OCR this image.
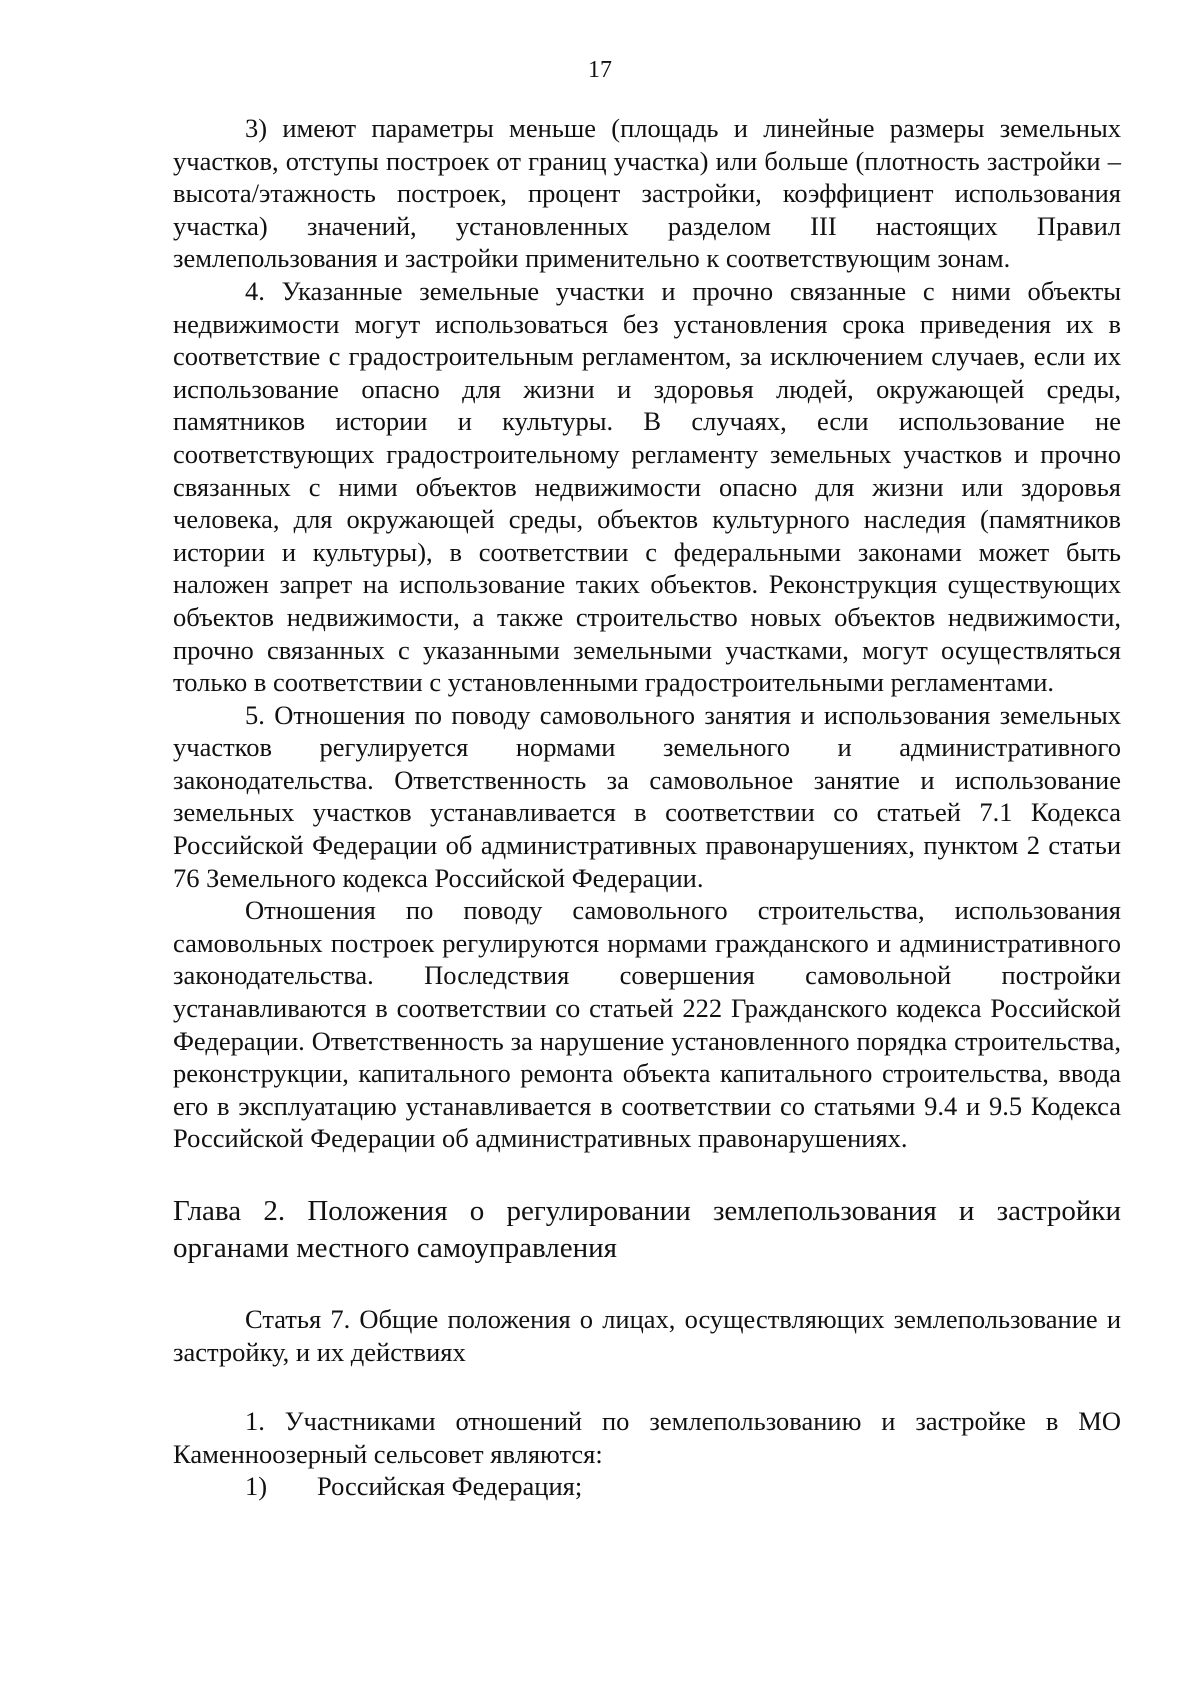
17

3) имеют параметры меньше (площадь и линейные размеры земельных участков, отступы построек от границ участка) или больше (плотность застройки – высота/этажность построек, процент застройки, коэффициент использования участка) значений, установленных разделом III настоящих Правил землепользования и застройки применительно к соответствующим зонам.

4. Указанные земельные участки и прочно связанные с ними объекты недвижимости могут использоваться без установления срока приведения их в соответствие с градостроительным регламентом, за исключением случаев, если их использование опасно для жизни и здоровья людей, окружающей среды, памятников истории и культуры. В случаях, если использование не соответствующих градостроительному регламенту земельных участков и прочно связанных с ними объектов недвижимости опасно для жизни или здоровья человека, для окружающей среды, объектов культурного наследия (памятников истории и культуры), в соответствии с федеральными законами может быть наложен запрет на использование таких объектов. Реконструкция существующих объектов недвижимости, а также строительство новых объектов недвижимости, прочно связанных с указанными земельными участками, могут осуществляться только в соответствии с установленными градостроительными регламентами.

5. Отношения по поводу самовольного занятия и использования земельных участков регулируется нормами земельного и административного законодательства. Ответственность за самовольное занятие и использование земельных участков устанавливается в соответствии со статьей 7.1 Кодекса Российской Федерации об административных правонарушениях, пунктом 2 статьи 76 Земельного кодекса Российской Федерации.

Отношения по поводу самовольного строительства, использования самовольных построек регулируются нормами гражданского и административного законодательства. Последствия совершения самовольной постройки устанавливаются в соответствии со статьей 222 Гражданского кодекса Российской Федерации. Ответственность за нарушение установленного порядка строительства, реконструкции, капитального ремонта объекта капитального строительства, ввода его в эксплуатацию устанавливается в соответствии со статьями 9.4 и 9.5 Кодекса Российской Федерации об административных правонарушениях.

Глава 2. Положения о регулировании землепользования и застройки органами местного самоуправления

Статья 7. Общие положения о лицах, осуществляющих землепользование и застройку, и их действиях

1. Участниками отношений по землепользованию и застройке в МО Каменноозерный сельсовет являются:

1) Российская Федерация;
